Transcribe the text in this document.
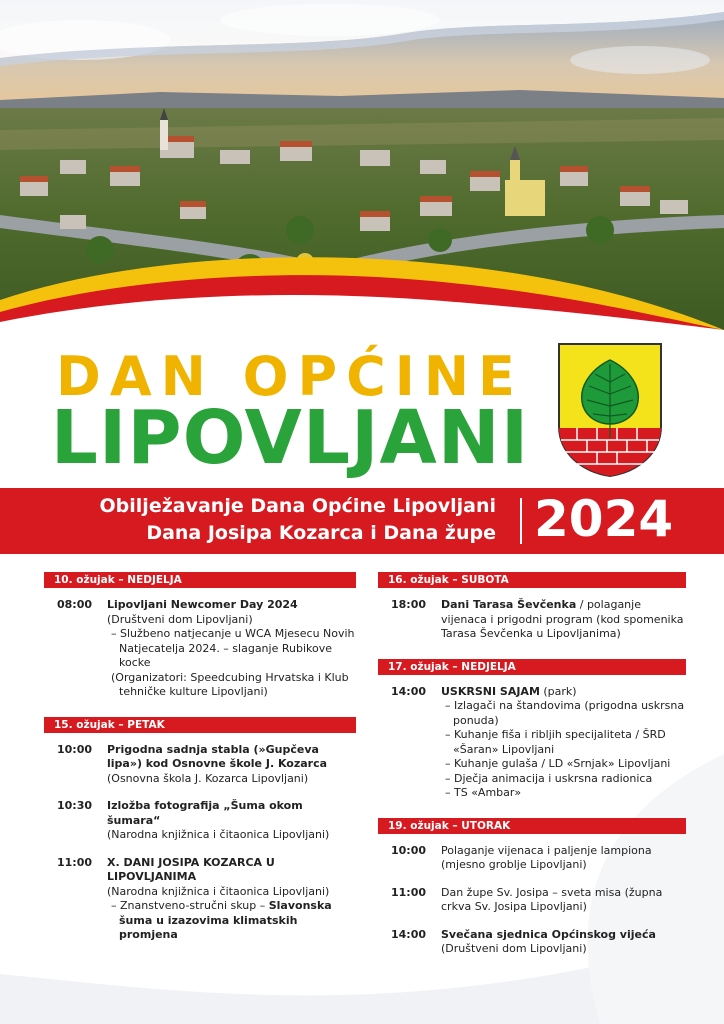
DAN OPĆINE
LIPOVLJANI
Obilježavanje Dana Općine Lipovljani
Dana Josipa Kozarca i Dana župe 2024
10. ožujak – NEDJELJA
08:00	Lipovljani Newcomer Day 2024
(Društveni dom Lipovljani)
– Službeno natjecanje u WCA Mjesecu Novih Natjecatelja 2024. – slaganje Rubikove kocke
(Organizatori: Speedcubing Hrvatska i Klub tehničke kulture Lipovljani)
15. ožujak – PETAK
10:00	Prigodna sadnja stabla (»Gupčeva lipa») kod Osnovne škole J. Kozarca
(Osnovna škola J. Kozarca Lipovljani)
10:30	Izložba fotografija „Šuma okom šumara“
(Narodna knjižnica i čitaonica Lipovljani)
11:00	X. DANI JOSIPA KOZARCA U LIPOVLJANIMA
(Narodna knjižnica i čitaonica Lipovljani)
– Znanstveno-stručni skup – Slavonska šuma u izazovima klimatskih promjena
16. ožujak – SUBOTA
18:00	Dani Tarasa Ševčenka / polaganje vijenaca i prigodni program (kod spomenika Tarasa Ševčenka u Lipovljanima)
17. ožujak – NEDJELJA
14:00	USKRSNI SAJAM (park)
– Izlagači na štandovima (prigodna uskrsna ponuda)
– Kuhanje fiša i ribljih specijaliteta / ŠRD «Šaran» Lipovljani
– Kuhanje gulaša / LD «Srnjak» Lipovljani
– Dječja animacija i uskrsna radionica
– TS «Ambar»
19. ožujak – UTORAK
10:00	Polaganje vijenaca i paljenje lampiona (mjesno groblje Lipovljani)
11:00	Dan župe Sv. Josipa – sveta misa (župna crkva Sv. Josipa Lipovljani)
14:00	Svečana sjednica Općinskog vijeća
(Društveni dom Lipovljani)
